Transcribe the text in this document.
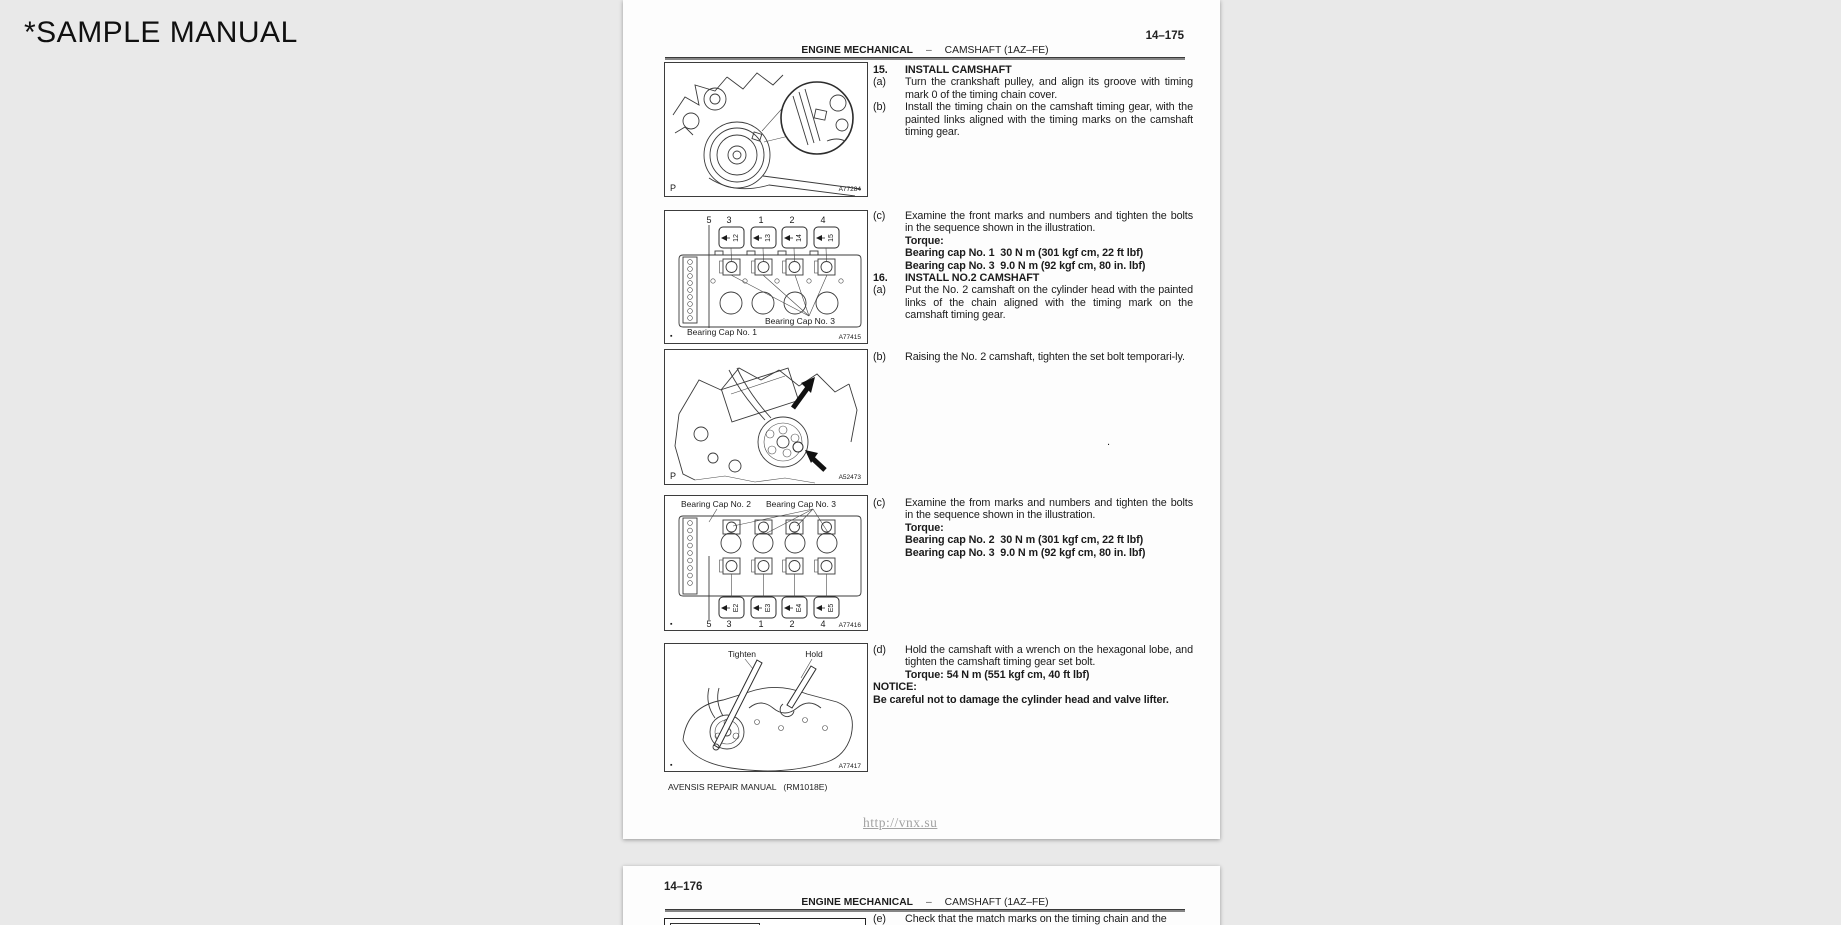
*SAMPLE MANUAL	14–175
ENGINE MECHANICAL – CAMSHAFT (1AZ–FE)
P	A77284
5 3	1	2	4
12	13	14	15
Bearing Cap No. 3
Bearing Cap No. 1
▪	A77415
P	A52473
Bearing Cap No. 2 Bearing Cap No. 3
E2	E3	E4	E5
5 3	1	2	4
▪	A77416
Tighten	Hold
▪	A77417
15.	INSTALL CAMSHAFT
(a)	Turn the crankshaft pulley, and align its groove with timing mark 0 of the timing chain cover.
(b)	Install the timing chain on the camshaft timing gear, with the painted links aligned with the timing marks on the camshaft timing gear.
(c)	Examine the front marks and numbers and tighten the bolts in the sequence shown in the illustration.
Torque:
Bearing cap No. 1  30 N m (301 kgf cm, 22 ft lbf)
Bearing cap No. 3  9.0 N m (92 kgf cm, 80 in. lbf)
16.	INSTALL NO.2 CAMSHAFT
(a)	Put the No. 2 camshaft on the cylinder head with the painted links of the chain aligned with the timing mark on the camshaft timing gear.
(b)	Raising the No. 2 camshaft, tighten the set bolt temporari-ly.
(c)	Examine the from marks and numbers and tighten the bolts in the sequence shown in the illustration.
Torque:
Bearing cap No. 2  30 N m (301 kgf cm, 22 ft lbf)
Bearing cap No. 3  9.0 N m (92 kgf cm, 80 in. lbf)
(d)	Hold the camshaft with a wrench on the hexagonal lobe, and tighten the camshaft timing gear set bolt.
Torque: 54 N m (551 kgf cm, 40 ft lbf)
NOTICE:
Be careful not to damage the cylinder head and valve lifter.
.
AVENSIS REPAIR MANUAL   (RM1018E)
http://vnx.su
14–176
ENGINE MECHANICAL – CAMSHAFT (1AZ–FE)
(e)	Check that the match marks on the timing chain and the
